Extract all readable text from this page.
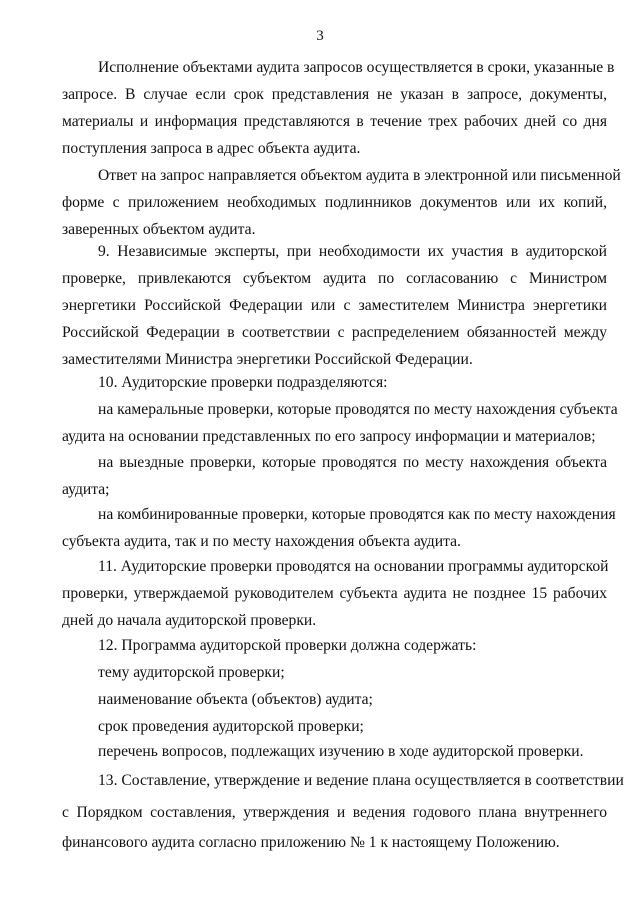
3
Исполнение объектами аудита запросов осуществляется в сроки, указанные в
запросе. В случае если срок представления не указан в запросе, документы,
материалы и информация представляются в течение трех рабочих дней со дня
поступления запроса в адрес объекта аудита.
Ответ на запрос направляется объектом аудита в электронной или письменной
форме с приложением необходимых подлинников документов или их копий,
заверенных объектом аудита.
9. Независимые эксперты, при необходимости их участия в аудиторской
проверке, привлекаются субъектом аудита по согласованию с Министром
энергетики Российской Федерации или с заместителем Министра энергетики
Российской Федерации в соответствии с распределением обязанностей между
заместителями Министра энергетики Российской Федерации.
10. Аудиторские проверки подразделяются:
на камеральные проверки, которые проводятся по месту нахождения субъекта
аудита на основании представленных по его запросу информации и материалов;
на выездные проверки, которые проводятся по месту нахождения объекта
аудита;
на комбинированные проверки, которые проводятся как по месту нахождения
субъекта аудита, так и по месту нахождения объекта аудита.
11. Аудиторские проверки проводятся на основании программы аудиторской
проверки, утверждаемой руководителем субъекта аудита не позднее 15 рабочих
дней до начала аудиторской проверки.
12. Программа аудиторской проверки должна содержать:
тему аудиторской проверки;
наименование объекта (объектов) аудита;
срок проведения аудиторской проверки;
перечень вопросов, подлежащих изучению в ходе аудиторской проверки.
13. Составление, утверждение и ведение плана осуществляется в соответствии
с Порядком составления, утверждения и ведения годового плана внутреннего
финансового аудита согласно приложению № 1 к настоящему Положению.
